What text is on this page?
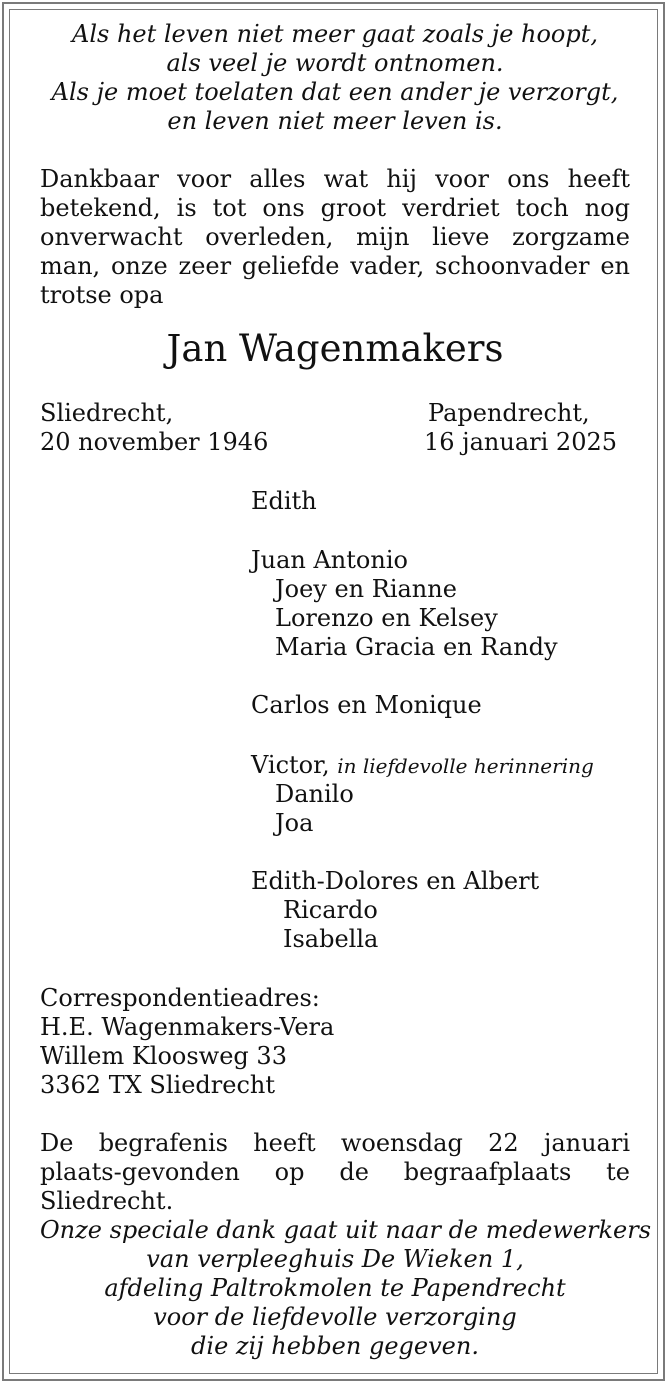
Als het leven niet meer gaat zoals je hoopt,

als veel je wordt ontnomen.

Als je moet toelaten dat een ander je verzorgt,

en leven niet meer leven is.

Dankbaar voor alles wat hij voor ons heeft betekend, is tot ons groot verdriet toch nog onverwacht overleden, mijn lieve zorgzame man, onze zeer geliefde vader, schoonvader en trotse opa

Jan Wagenmakers

Sliedrecht,

20 november 1946

Papendrecht,

16 januari 2025

Edith

Juan Antonio

Joey en Rianne

Lorenzo en Kelsey

Maria Gracia en Randy

Carlos en Monique

Victor, in liefdevolle herinnering

Danilo

Joa

Edith-Dolores en Albert

Ricardo

Isabella

Correspondentieadres:

H.E. Wagenmakers-Vera

Willem Kloosweg 33

3362 TX Sliedrecht

De begrafenis heeft woensdag 22 januari plaats-gevonden op de begraafplaats te Sliedrecht.

Onze speciale dank gaat uit naar de medewerkers

van verpleeghuis De Wieken 1,

afdeling Paltrokmolen te Papendrecht

voor de liefdevolle verzorging

die zij hebben gegeven.
